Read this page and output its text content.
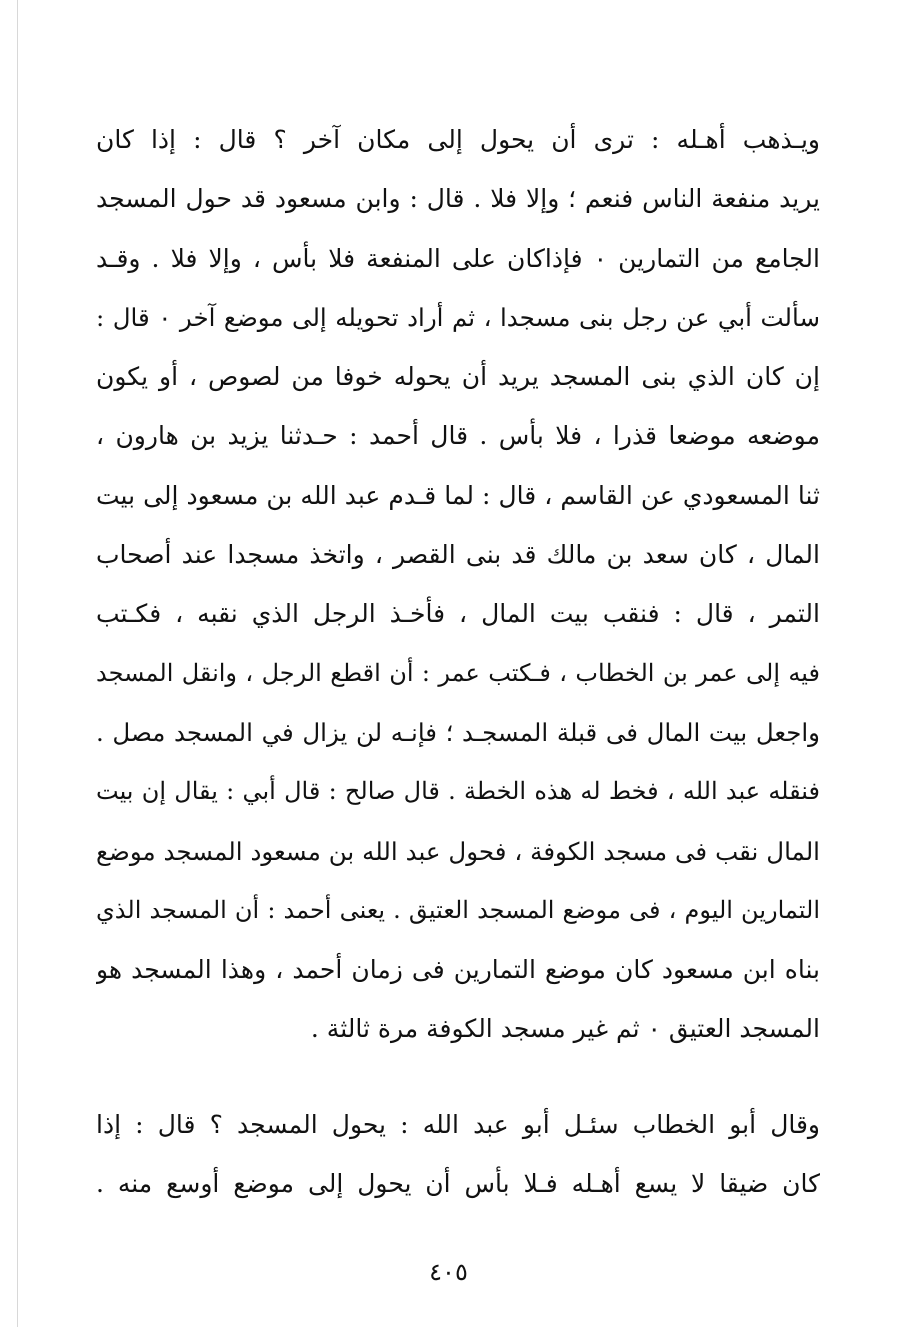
ويـذهب أهـله : ترى أن يحول إلى مكان آخر ؟ قال : إذا كان
يريد منفعة الناس فنعم ؛ وإلا فلا . قال : وابن مسعود قد حول المسجد
الجامع من التمارين ٠ فإذاكان على المنفعة فلا بأس ، وإلا فلا . وقـد
سألت أبي عن رجل بنى مسجدا ، ثم أراد تحويله إلى موضع آخر ٠ قال :
إن كان الذي بنى المسجد يريد أن يحوله خوفا من لصوص ، أو يكون
موضعه موضعا قذرا ، فلا بأس . قال أحمد : حـدثنا يزيد بن هارون ،
ثنا المسعودي عن القاسم ، قال : لما قـدم عبد الله بن مسعود إلى بيت
المال ، كان سعد بن مالك قد بنى القصر ، واتخذ مسجدا عند أصحاب
التمر ، قال : فنقب بيت المال ، فأخـذ الرجل الذي نقبه ، فكـتب
فيه إلى عمر بن الخطاب ، فـكتب عمر : أن اقطع الرجل ، وانقل المسجد
واجعل بيت المال فى قبلة المسجـد ؛ فإنـه لن يزال في المسجد مصل .
فنقله عبد الله ، فخط له هذه الخطة . قال صالح : قال أبي : يقال إن بيت
المال نقب فى مسجد الكوفة ، فحول عبد الله بن مسعود المسجد موضع
التمارين اليوم ، فى موضع المسجد العتيق . يعنى أحمد : أن المسجد الذي
بناه ابن مسعود كان موضع التمارين فى زمان أحمد ، وهذا المسجد هو
المسجد العتيق ٠ ثم غير مسجد الكوفة مرة ثالثة .
وقال أبو الخطاب سئـل أبو عبد الله : يحول المسجد ؟ قال : إذا
كان ضيقا لا يسع أهـله فـلا بأس أن يحول إلى موضع أوسع منه .
٤٠٥
